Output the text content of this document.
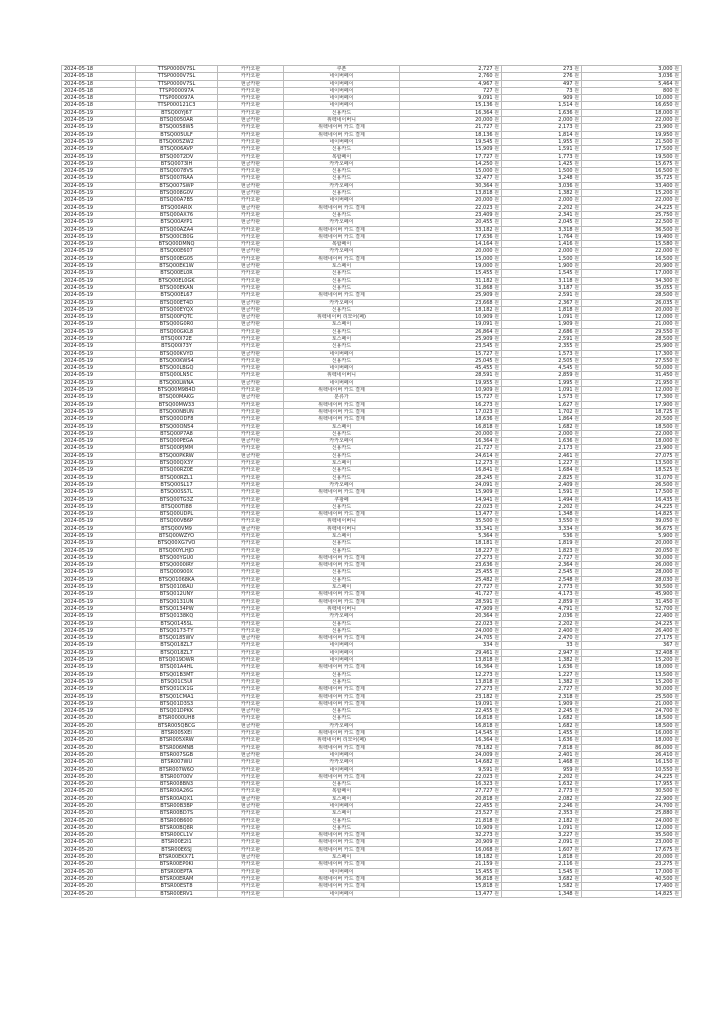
2024-05-18	TTSP0000V7SL	카카오판	쿠폰	2,727 원	273 원	3,000 원
2024-05-18	TTSP0000V7SL	카카오판	네이버페이	2,760 원	276 원	3,036 원
2024-05-18	TTSP0000V7SL	현금카판	네이버페이	4,967 원	497 원	5,464 원
2024-05-18	TTSP000097A	카카오판	네이버페이	727 원	73 원	800 원
2024-05-18	TTSP000097A	카카오판	네이버페이	9,091 원	909 원	10,000 원
2024-05-18	TTSP000121C3	카카오판	네이버페이	15,136 원	1,514 원	16,650 원
2024-05-19	BTSQ00YJ67	카카오판	신용카드	16,364 원	1,636 원	18,000 원
2024-05-19	BTSQ0050AR	현금카판	위펙네이버니	20,000 원	2,000 원	22,000 원
2024-05-19	BTSQ0058W5	카카오판	위펙네이버 카드 결제	21,727 원	2,173 원	23,900 원
2024-05-19	BTSQ005ULF	카카오판	위펙네이버 카드 결제	18,136 원	1,814 원	19,950 원
2024-05-19	BTSQ005ZW2	카카오판	네이버페이	19,545 원	1,955 원	21,500 원
2024-05-19	BTSQ006AVP	카카오판	신용카드	15,909 원	1,591 원	17,500 원
2024-05-19	BTSQ0072DV	카카오판	복합페이	17,727 원	1,773 원	19,500 원
2024-05-19	BTSQ0073IH	현금카판	카카오페이	14,250 원	1,425 원	15,675 원
2024-05-19	BTSQ0078VS	카카오판	신용카드	15,000 원	1,500 원	16,500 원
2024-05-19	BTSQ007RAA	카카오판	신용카드	32,477 원	3,248 원	35,725 원
2024-05-19	BTSQ007SWP	현금카판	카카오페이	30,364 원	3,036 원	33,400 원
2024-05-19	BTSQ008G0V	현금카판	신용카드	13,818 원	1,382 원	15,200 원
2024-05-19	BTSQ00A7B5	카카오판	네이버페이	20,000 원	2,000 원	22,000 원
2024-05-19	BTSQ00ARIX	현금카판	위펙네이버 카드 결제	22,023 원	2,202 원	24,225 원
2024-05-19	BTSQ00AX76	카카오판	신용카드	23,409 원	2,341 원	25,750 원
2024-05-19	BTSQ00AYP1	현금카판	카카오페이	20,455 원	2,045 원	22,500 원
2024-05-19	BTSQ00AZA4	카카오판	위펙네이버 카드 결제	33,182 원	3,318 원	36,500 원
2024-05-19	BTSQ00CB0G	카카오판	위펙네이버 카드 결제	17,636 원	1,764 원	19,400 원
2024-05-19	BTSQ00DMNQ	카카오판	복합페이	14,164 원	1,416 원	15,580 원
2024-05-19	BTSQ00E607	현금카판	카카오페이	20,000 원	2,000 원	22,000 원
2024-05-19	BTSQ00EG05	카카오판	위펙네이버 카드 결제	15,000 원	1,500 원	16,500 원
2024-05-19	BTSQ00EK1W	현금카판	토스페이	19,000 원	1,900 원	20,900 원
2024-05-19	BTSQ00EL0R	카카오판	신용카드	15,455 원	1,545 원	17,000 원
2024-05-19	BTSQ00EL0GK	카카오판	신용카드	31,182 원	3,118 원	34,300 원
2024-05-19	BTSQ00EKAN	카카오판	신용카드	31,868 원	3,187 원	35,055 원
2024-05-19	BTSQ00EL67	카카오판	위펙네이버 카드 결제	25,909 원	2,591 원	28,500 원
2024-05-19	BTSQ00ET4D	현금카판	카카오페이	23,668 원	2,367 원	26,035 원
2024-05-19	BTSQ00EYQX	현금카판	신용카드	18,182 원	1,818 원	20,000 원
2024-05-19	BTSQ00FQTC	현금카판	위펙네이버 리모어(페)	10,909 원	1,091 원	12,000 원
2024-05-19	BTSQ00G0R0	현금카판	토스페이	19,091 원	1,909 원	21,000 원
2024-05-19	BTSQ00GKL8	카카오판	신용카드	26,864 원	2,686 원	29,550 원
2024-05-19	BTSQ00I72E	카카오판	토스페이	25,909 원	2,591 원	28,500 원
2024-05-19	BTSQ00I73Y	카카오판	신용카드	23,545 원	2,355 원	25,900 원
2024-05-19	BTSQ00KVYD	현금카판	네이버페이	15,727 원	1,573 원	17,300 원
2024-05-19	BTSQ00KWS4	카카오판	신용카드	25,045 원	2,505 원	27,550 원
2024-05-19	BTSQ00LBGQ	카카오판	네이버페이	45,455 원	4,545 원	50,000 원
2024-05-19	BTSQ00LN5C	카카오판	위펙네이버니	28,591 원	2,859 원	31,450 원
2024-05-19	BTSQ00LWNA	현금카판	네이버페이	19,955 원	1,995 원	21,950 원
2024-05-19	BTSQ00M9B4D	카카오판	위펙네이버 카드 결제	10,909 원	1,091 원	12,000 원
2024-05-19	BTSQ00MAKG	현금카판	분류가	15,727 원	1,573 원	17,300 원
2024-05-19	BTSQ00MW33	카카오판	위펙네이버 카드 결제	16,273 원	1,627 원	17,900 원
2024-05-19	BTSQ00NBUN	카카오판	위펙네이버 카드 결제	17,023 원	1,702 원	18,725 원
2024-05-19	BTSQ00ODF8	카카오판	위펙네이버 카드 결제	18,636 원	1,864 원	20,500 원
2024-05-19	BTSQ00ON54	카카오판	토스페이	16,818 원	1,682 원	18,500 원
2024-05-19	BTSQ00P7A8	카카오판	신용카드	20,000 원	2,000 원	22,000 원
2024-05-19	BTSQ00PEGA	현금카판	카카오페이	16,364 원	1,636 원	18,000 원
2024-05-19	BTSQ00PJMM	카카오판	신용카드	21,727 원	2,173 원	23,900 원
2024-05-19	BTSQ00PKRW	현금카판	신용카드	24,614 원	2,461 원	27,075 원
2024-05-19	BTSQ00QX3Y	카카오판	토스페이	12,273 원	1,227 원	13,500 원
2024-05-19	BTSQ00RZ0E	카카오판	신용카드	16,841 원	1,684 원	18,525 원
2024-05-19	BTSQ00RZL1	카카오판	신용카드	28,245 원	2,825 원	31,070 원
2024-05-19	BTSQ00SL17	카카오판	카카오페이	24,091 원	2,409 원	26,500 원
2024-05-19	BTSQ00SS7L	카카오판	위펙네이버 카드 결제	15,909 원	1,591 원	17,500 원
2024-05-19	BTSQ00TG3Z	카카오판	쿠팡페	14,941 원	1,494 원	16,435 원
2024-05-19	BTSQ00TI88	카카오판	신용카드	22,023 원	2,202 원	24,225 원
2024-05-19	BTSQ00UDPL	카카오판	위펙네이버 카드 결제	13,477 원	1,348 원	14,825 원
2024-05-19	BTSQ00VB6P	카카오판	위펙네이버니	35,500 원	3,550 원	39,050 원
2024-05-19	BTSQ00VM9	현금카판	위펙네이버니	33,341 원	3,334 원	36,675 원
2024-05-19	BTSQ00WZYO	카카오판	토스페이	5,364 원	536 원	5,900 원
2024-05-19	BTSQ00XG7VO	카카오판	신용카드	18,181 원	1,819 원	20,000 원
2024-05-19	BTSQ00YLHJD	카카오판	신용카드	18,227 원	1,823 원	20,050 원
2024-05-19	BTSQ00YGU0	카카오판	위펙네이버 카드 결제	27,273 원	2,727 원	30,000 원
2024-05-19	BTSQ0000IRY	카카오판	위펙네이버 카드 결제	23,636 원	2,364 원	26,000 원
2024-05-19	BTSQ00900X	카카오판	신용카드	25,455 원	2,545 원	28,000 원
2024-05-19	BTSQ01068KA	카카오판	신용카드	25,482 원	2,548 원	28,030 원
2024-05-19	BTSQ0108AU	카카오판	토스페이	27,727 원	2,773 원	30,500 원
2024-05-19	BTSQ012UNY	카카오판	위펙네이버 카드 결제	41,727 원	4,173 원	45,900 원
2024-05-19	BTSQ0131UN	카카오판	위펙네이버 카드 결제	28,591 원	2,859 원	31,450 원
2024-05-19	BTSQ0134PW	카카오판	위펙네이버니	47,909 원	4,791 원	52,700 원
2024-05-19	BTSQ0138KQ	카카오판	카카오페이	20,364 원	2,036 원	22,400 원
2024-05-19	BTSQ0145SL	카카오판	신용카드	22,023 원	2,202 원	24,225 원
2024-05-19	BTSQ0173-TY	카카오판	신용카드	24,000 원	2,400 원	26,400 원
2024-05-19	BTSQ0185WV	현금카판	위펙네이버 카드 결제	24,705 원	2,470 원	27,175 원
2024-05-19	BTSQ018ZL7	카카오판	네이버페이	334 원	33 원	367 원
2024-05-19	BTSQ018ZL7	카카오판	네이버페이	29,461 원	2,947 원	32,408 원
2024-05-19	BTSQ019DWR	카카오판	네이버페이	13,818 원	1,382 원	15,200 원
2024-05-19	BTSQ01A4HL	카카오판	위펙네이버 카드 결제	16,364 원	1,636 원	18,000 원
2024-05-19	BTSQ01B3MT	카카오판	신용카드	12,273 원	1,227 원	13,500 원
2024-05-19	BTSQ01C5UI	카카오판	신용카드	13,818 원	1,382 원	15,200 원
2024-05-19	BTSQ01CK1G	카카오판	위펙네이버 카드 결제	27,273 원	2,727 원	30,000 원
2024-05-19	BTSQ01CMA1	카카오판	위펙네이버 카드 결제	23,182 원	2,318 원	25,500 원
2024-05-19	BTSQ01D3S3	카카오판	위펙네이버 카드 결제	19,091 원	1,909 원	21,000 원
2024-05-19	BTSQ01DPKK	현금카판	신용카드	22,455 원	2,245 원	24,700 원
2024-05-20	BTSR0000UH8	카카오판	신용카드	16,818 원	1,682 원	18,500 원
2024-05-20	BTSR005QBCG	현금카판	카카오페이	16,818 원	1,682 원	18,500 원
2024-05-20	BTSR005XEI	카카오판	위펙네이버 카드 결제	14,545 원	1,455 원	16,000 원
2024-05-20	BTSR005XRW	카카오판	위펙네이버 리모어(페)	16,364 원	1,636 원	18,000 원
2024-05-20	BTSR006MNB	카카오판	위펙네이버 카드 결제	78,182 원	7,818 원	86,000 원
2024-05-20	BTSR007SGB	현금카판	네이버페이	24,009 원	2,401 원	26,410 원
2024-05-20	BTSR007WU	카카오판	카카오페이	14,682 원	1,468 원	16,150 원
2024-05-20	BTSR007W6O	카카오판	네이버페이	9,591 원	959 원	10,550 원
2024-05-20	BTSR00700V	카카오판	위펙네이버 카드 결제	22,023 원	2,202 원	24,225 원
2024-05-20	BTSR008BN3	카카오판	신용카드	16,323 원	1,632 원	17,955 원
2024-05-20	BTSR00A26G	카카오판	복합페이	27,727 원	2,773 원	30,500 원
2024-05-20	BTSR00AQX1	현금카판	토스페이	20,818 원	2,082 원	22,900 원
2024-05-20	BTSR00B3BP	현금카판	네이버페이	22,455 원	2,246 원	24,700 원
2024-05-20	BTSR00BD7S	카카오판	토스페이	23,527 원	2,353 원	25,880 원
2024-05-20	BTSR00B600	카카오판	신용카드	21,818 원	2,182 원	24,000 원
2024-05-20	BTSR00BQ8R	카카오판	신용카드	10,909 원	1,091 원	12,000 원
2024-05-20	BTSR00CL1V	카카오판	위펙네이버 카드 결제	32,273 원	3,227 원	35,500 원
2024-05-20	BTSR00E2I1	카카오판	위펙네이버 카드 결제	20,909 원	2,091 원	23,000 원
2024-05-20	BTSR00E6SJ	카카오판	위펙네이버 카드 결제	16,068 원	1,607 원	17,675 원
2024-05-20	BTSR00EKX71	현금카판	토스페이	18,182 원	1,818 원	20,000 원
2024-05-20	BTSR00EP0KI	카카오판	위펙네이버 카드 결제	21,159 원	2,116 원	23,275 원
2024-05-20	BTSR00EPTA	카카오판	네이버페이	15,455 원	1,545 원	17,000 원
2024-05-20	BTSR00ERAM	카카오판	위펙네이버 카드 결제	36,818 원	3,682 원	40,500 원
2024-05-20	BTSR00EST8	카카오판	위펙네이버 카드 결제	15,818 원	1,582 원	17,400 원
2024-05-20	BTSR00ERV1	카카오판	네이버페이	13,477 원	1,348 원	14,825 원
